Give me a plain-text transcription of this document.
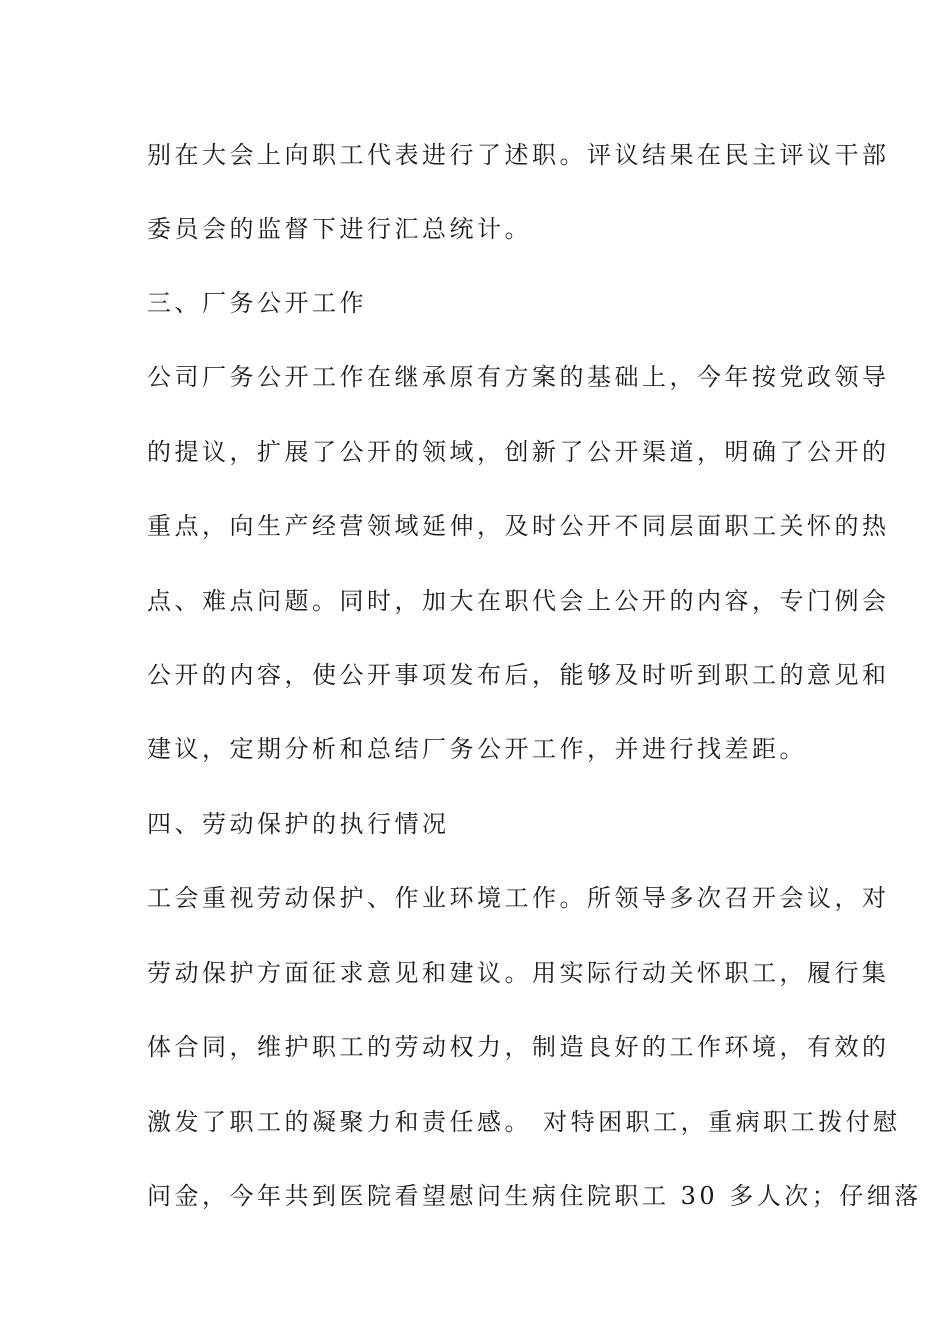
别在大会上向职工代表进行了述职。评议结果在民主评议干部
委员会的监督下进行汇总统计。
三、厂务公开工作
公司厂务公开工作在继承原有方案的基础上，今年按党政领导
的提议，扩展了公开的领域，创新了公开渠道，明确了公开的
重点，向生产经营领域延伸，及时公开不同层面职工关怀的热
点、难点问题。同时，加大在职代会上公开的内容，专门例会
公开的内容，使公开事项发布后，能够及时听到职工的意见和
建议，定期分析和总结厂务公开工作，并进行找差距。
四、劳动保护的执行情况
工会重视劳动保护、作业环境工作。所领导多次召开会议，对
劳动保护方面征求意见和建议。用实际行动关怀职工，履行集
体合同，维护职工的劳动权力，制造良好的工作环境，有效的
激发了职工的凝聚力和责任感。 对特困职工，重病职工拨付慰
问金，今年共到医院看望慰问生病住院职工 30 多人次；仔细落
